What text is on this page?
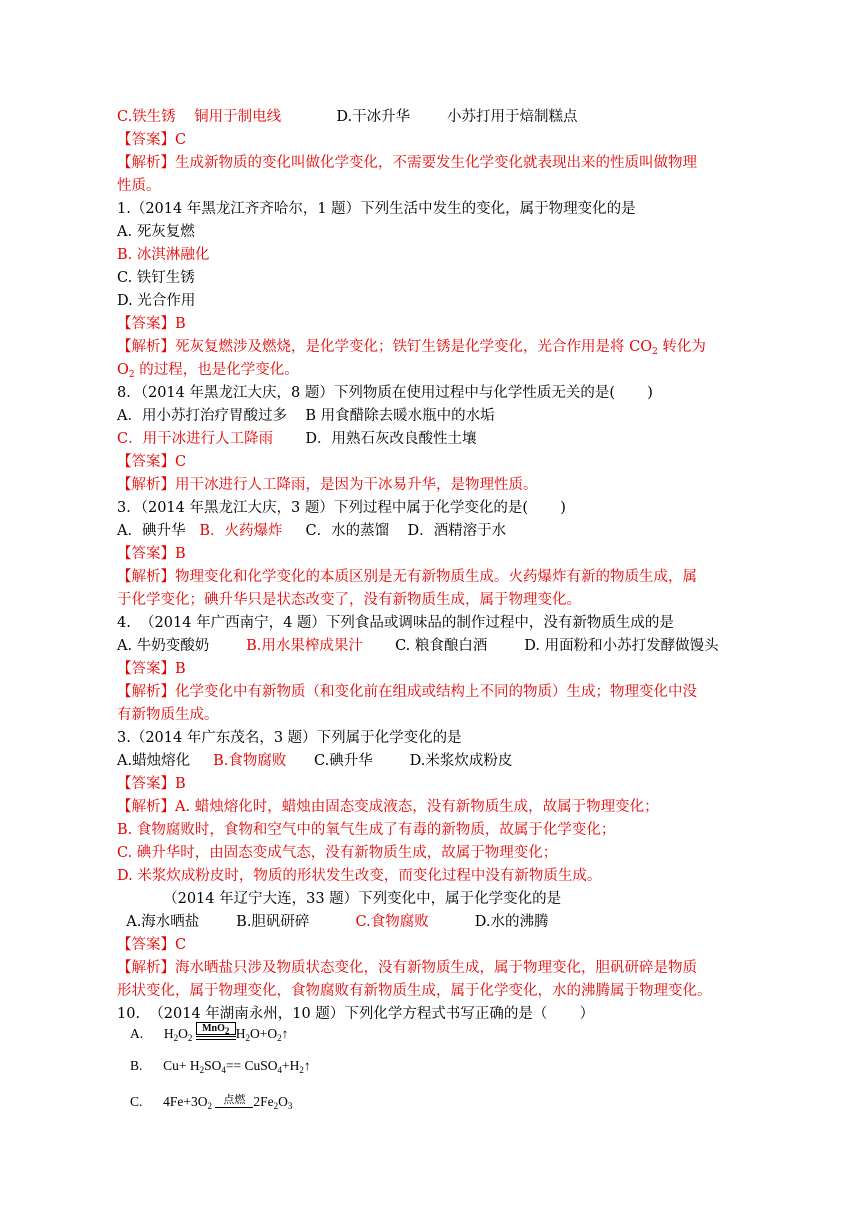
C.铁生锈    铜用于制电线            D.干冰升华        小苏打用于焙制糕点
【答案】C
【解析】生成新物质的变化叫做化学变化，不需要发生化学变化就表现出来的性质叫做物理
性质。
1.（2014 年黑龙江齐齐哈尔，1 题）下列生活中发生的变化，属于物理变化的是
A. 死灰复燃
B. 冰淇淋融化
C. 铁钉生锈
D. 光合作用
【答案】B
【解析】死灰复燃涉及燃烧，是化学变化；铁钉生锈是化学变化，光合作用是将 $CO_2$ 转化为
$O_2$ 的过程，也是化学变化。
8．（2014 年黑龙江大庆，8 题）下列物质在使用过程中与化学性质无关的是(       )
A．用小苏打治疗胃酸过多    B 用食醋除去暖水瓶中的水垢
C．用干冰进行人工降雨       D．用熟石灰改良酸性土壤
【答案】C
【解析】用干冰进行人工降雨，是因为干冰易升华，是物理性质。
3．（2014 年黑龙江大庆，3 题）下列过程中属于化学变化的是(       )
A．碘升华   B．火药爆炸     C．水的蒸馏    D．酒精溶于水
【答案】B
【解析】物理变化和化学变化的本质区别是无有新物质生成。火药爆炸有新的物质生成，属
于化学变化；碘升华只是状态改变了，没有新物质生成，属于物理变化。
4.  （2014 年广西南宁，4 题）下列食品或调味品的制作过程中，没有新物质生成的是
A. 牛奶变酸奶        B.用水果榨成果汁       C. 粮食酿白酒        D. 用面粉和小苏打发酵做馒头
【答案】B
【解析】化学变化中有新物质（和变化前在组成或结构上不同的物质）生成；物理变化中没
有新物质生成。
3.（2014 年广东茂名，3 题）下列属于化学变化的是
A.蜡烛熔化     B.食物腐败      C.碘升华        D.米浆炊成粉皮
【答案】B
【解析】A. 蜡烛熔化时，蜡烛由固态变成液态，没有新物质生成，故属于物理变化；
B. 食物腐败时，食物和空气中的氧气生成了有毒的新物质，故属于化学变化；
C. 碘升华时，由固态变成气态，没有新物质生成，故属于物理变化；
D. 米浆炊成粉皮时，物质的形状发生改变，而变化过程中没有新物质生成。
（2014 年辽宁大连，33 题）下列变化中，属于化学变化的是
A.海水晒盐        B.胆矾研碎          C.食物腐败          D.水的沸腾
【答案】C
【解析】海水晒盐只涉及物质状态变化，没有新物质生成，属于物理变化，胆矾研碎是物质
形状变化，属于物理变化，食物腐败有新物质生成，属于化学变化，水的沸腾属于物理变化。
10.  （2014 年湖南永州，10 题）下列化学方程式书写正确的是（       ）
A. $H_2O_2$
MnO$_2$ $H_2O+O_2↑$
B. $Cu+ H_2SO_4==$ $CuSO_4+H_2↑$
C. $4Fe+3O_2$	点燃 $2Fe_2O_3$
